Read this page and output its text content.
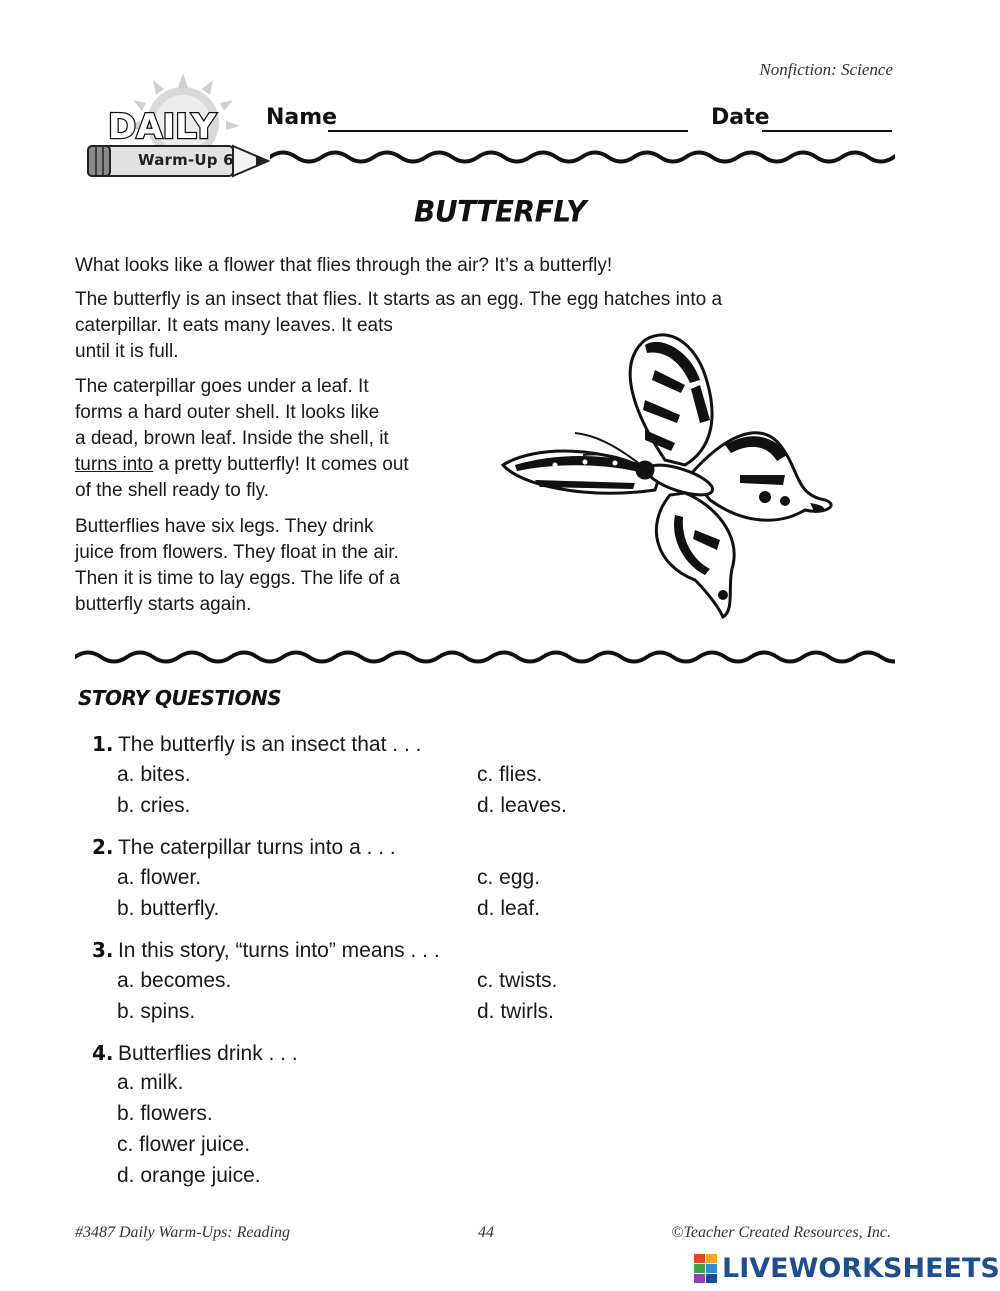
Nonfiction: Science
DAILY
Warm-Up 6
Name	Date
BUTTERFLY
What looks like a flower that flies through the air? It’s a butterfly!
The butterfly is an insect that flies. It starts as an egg. The egg hatches into a
caterpillar. It eats many leaves. It eats
until it is full.
The caterpillar goes under a leaf. It
forms a hard outer shell. It looks like
a dead, brown leaf. Inside the shell, it
turns into a pretty butterfly! It comes out
of the shell ready to fly.
Butterflies have six legs. They drink
juice from flowers. They float in the air.
Then it is time to lay eggs. The life of a
butterfly starts again.
STORY QUESTIONS
1. The butterfly is an insect that . . .
a. bites.
b. cries.
c. flies.
d. leaves.
2. The caterpillar turns into a . . .
a. flower.
b. butterfly.
c. egg.
d. leaf.
3. In this story, “turns into” means . . .
a. becomes.
b. spins.
c. twists.
d. twirls.
4. Butterflies drink . . .
a. milk.
b. flowers.
c. flower juice.
d. orange juice.
#3487 Daily Warm-Ups: Reading	44	©Teacher Created Resources, Inc.
LIVEWORKSHEETS
